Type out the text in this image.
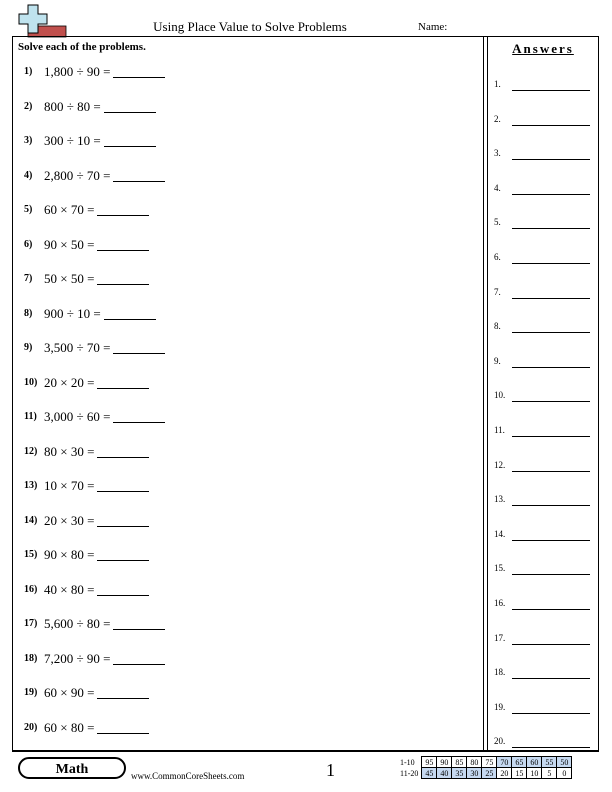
Using Place Value to Solve Problems	Name:
Solve each of the problems.
1) 1,800 ÷ 90 =
2) 800 ÷ 80 =
3) 300 ÷ 10 =
4) 2,800 ÷ 70 =
5) 60 × 70 =
6) 90 × 50 =
7) 50 × 50 =
8) 900 ÷ 10 =
9) 3,500 ÷ 70 =
10) 20 × 20 =
11) 3,000 ÷ 60 =
12) 80 × 30 =
13) 10 × 70 =
14) 20 × 30 =
15) 90 × 80 =
16) 40 × 80 =
17) 5,600 ÷ 80 =
18) 7,200 ÷ 90 =
19) 60 × 90 =
20) 60 × 80 =
Answers
1.
2.
3.
4.
5.
6.
7.
8.
9.
10.
11.
12.
13.
14.
15.
16.
17.
18.
19.
20.
Math	www.CommonCoreSheets.com	1	1-10	95	90	85	80	75	70	65	60	55	50
11-20	45	40	35	30	25	20	15	10	5	0
